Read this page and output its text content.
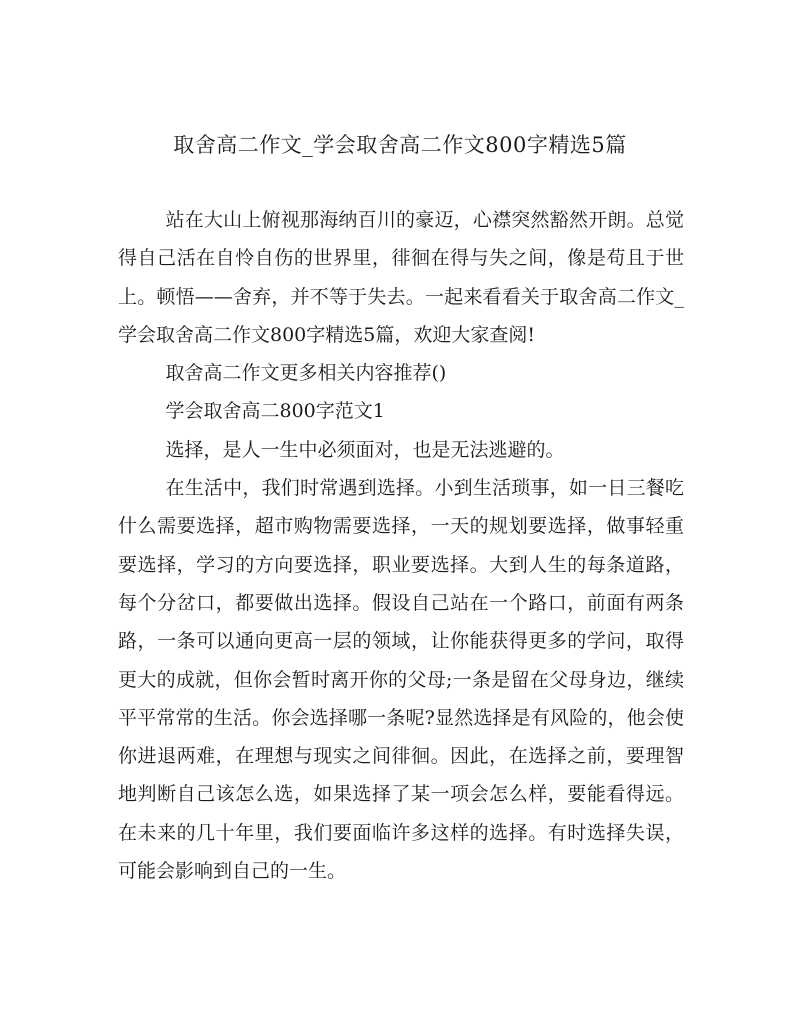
取舍高二作文_学会取舍高二作文800字精选5篇

站在大山上俯视那海纳百川的豪迈，心襟突然豁然开朗。总觉得自己活在自怜自伤的世界里，徘徊在得与失之间，像是苟且于世上。顿悟——舍弃，并不等于失去。一起来看看关于取舍高二作文_学会取舍高二作文800字精选5篇，欢迎大家查阅!

取舍高二作文更多相关内容推荐()

学会取舍高二800字范文1

选择，是人一生中必须面对，也是无法逃避的。

在生活中，我们时常遇到选择。小到生活琐事，如一日三餐吃什么需要选择，超市购物需要选择，一天的规划要选择，做事轻重要选择，学习的方向要选择，职业要选择。大到人生的每条道路，每个分岔口，都要做出选择。假设自己站在一个路口，前面有两条路，一条可以通向更高一层的领域，让你能获得更多的学问，取得更大的成就，但你会暂时离开你的父母;一条是留在父母身边，继续平平常常的生活。你会选择哪一条呢?显然选择是有风险的，他会使你进退两难，在理想与现实之间徘徊。因此，在选择之前，要理智地判断自己该怎么选，如果选择了某一项会怎么样，要能看得远。在未来的几十年里，我们要面临许多这样的选择。有时选择失误，可能会影响到自己的一生。
